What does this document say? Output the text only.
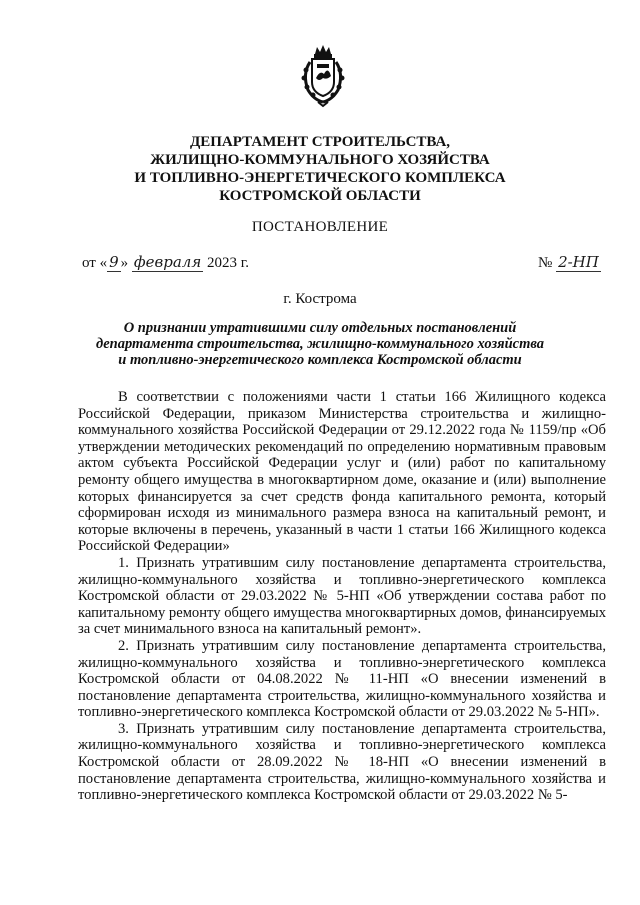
ДЕПАРТАМЕНТ СТРОИТЕЛЬСТВА,
ЖИЛИЩНО-КОММУНАЛЬНОГО ХОЗЯЙСТВА
И ТОПЛИВНО-ЭНЕРГЕТИЧЕСКОГО КОМПЛЕКСА
КОСТРОМСКОЙ ОБЛАСТИ
ПОСТАНОВЛЕНИЕ
от « 9 » февраля 2023 г.	№ 2-НП
г. Кострома
О признании утратившими силу отдельных постановлений
департамента строительства, жилищно-коммунального хозяйства
и топливно-энергетического комплекса Костромской области

В соответствии с положениями части 1 статьи 166 Жилищного кодекса Российской Федерации, приказом Министерства строительства и жилищно-коммунального хозяйства Российской Федерации от 29.12.2022 года № 1159/пр «Об утверждении методических рекомендаций по определению нормативным правовым актом субъекта Российской Федерации услуг и (или) работ по капитальному ремонту общего имущества в многоквартирном доме, оказание и (или) выполнение которых финансируется за счет средств фонда капитального ремонта, который сформирован исходя из минимального размера взноса на капитальный ремонт, и которые включены в перечень, указанный в части 1 статьи 166 Жилищного кодекса Российской Федерации»

1. Признать утратившим силу постановление департамента строительства, жилищно-коммунального хозяйства и топливно-энергетического комплекса Костромской области от 29.03.2022 № 5-НП «Об утверждении состава работ по капитальному ремонту общего имущества многоквартирных домов, финансируемых за счет минимального взноса на капитальный ремонт».

2. Признать утратившим силу постановление департамента строительства, жилищно-коммунального хозяйства и топливно-энергетического комплекса Костромской области от 04.08.2022 № 11-НП «О внесении изменений в постановление департамента строительства, жилищно-коммунального хозяйства и топливно-энергетического комплекса Костромской области от 29.03.2022 № 5-НП».

3. Признать утратившим силу постановление департамента строительства, жилищно-коммунального хозяйства и топливно-энергетического комплекса Костромской области от 28.09.2022 № 18-НП «О внесении изменений в постановление департамента строительства, жилищно-коммунального хозяйства и топливно-энергетического комплекса Костромской области от 29.03.2022 № 5-
